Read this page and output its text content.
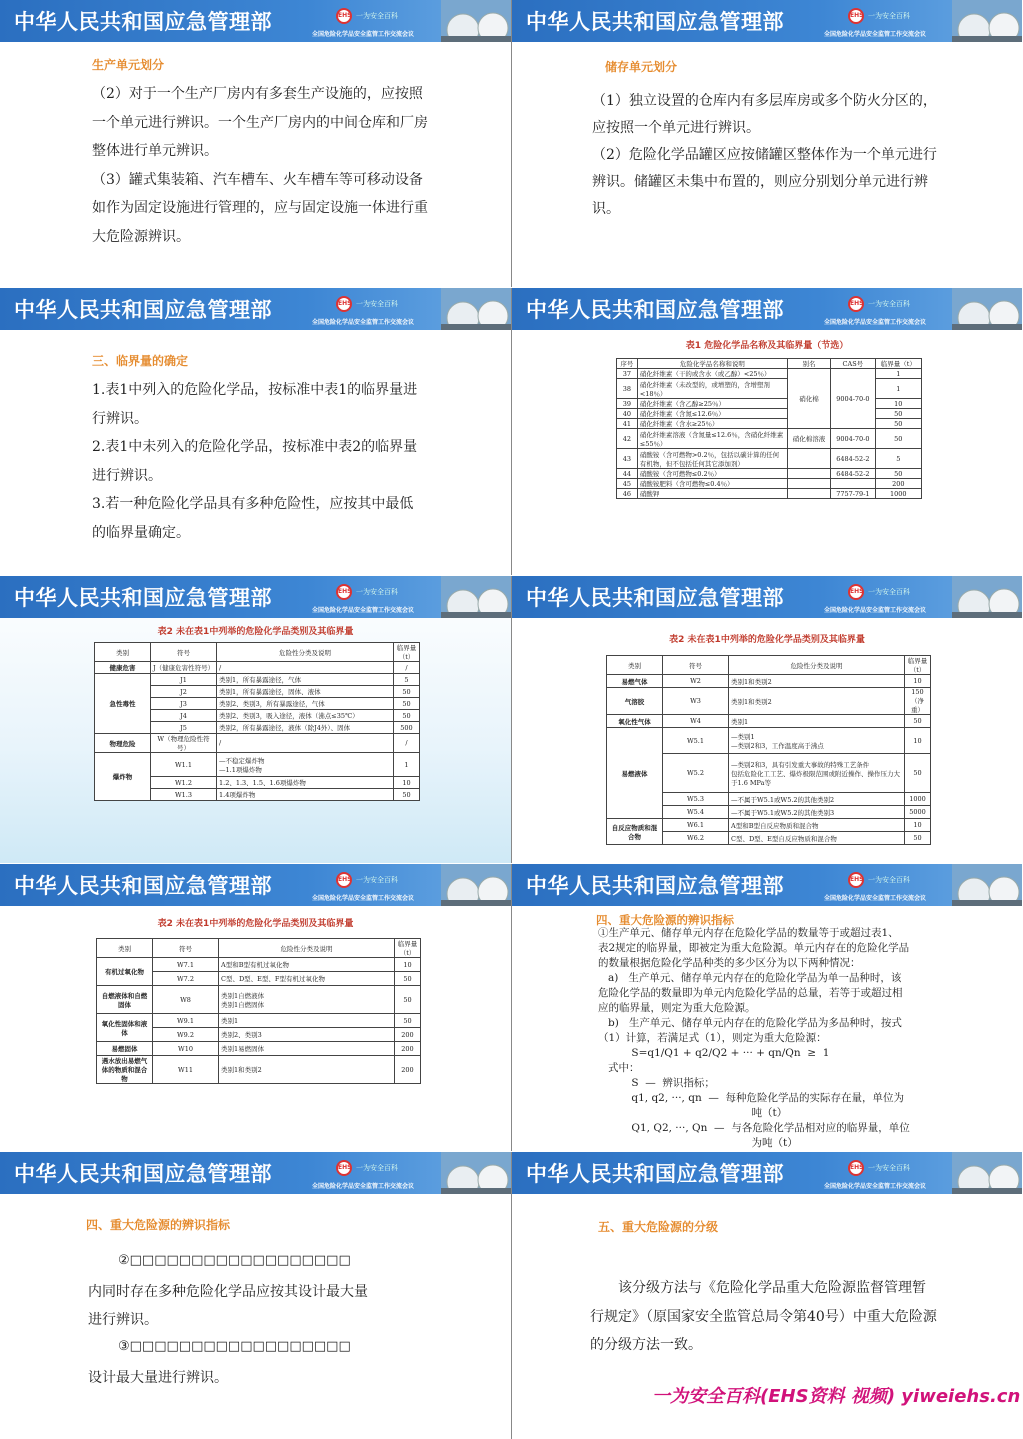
中华人民共和国应急管理部	EHS 一为安全百科
全国危险化学品安全监管工作交流会议
生产单元划分
（2）对于一个生产厂房内有多套生产设施的，应按照一个单元进行辨识。一个生产厂房内的中间仓库和厂房整体进行单元辨识。
（3）罐式集装箱、汽车槽车、火车槽车等可移动设备如作为固定设施进行管理的，应与固定设施一体进行重大危险源辨识。
中华人民共和国应急管理部	EHS 一为安全百科
全国危险化学品安全监管工作交流会议
储存单元划分
（1）独立设置的仓库内有多层库房或多个防火分区的，应按照一个单元进行辨识。
（2）危险化学品罐区应按储罐区整体作为一个单元进行辨识。储罐区未集中布置的，则应分别划分单元进行辨识。
中华人民共和国应急管理部	EHS 一为安全百科
全国危险化学品安全监管工作交流会议
三、临界量的确定
1.表1中列入的危险化学品，按标准中表1的临界量进行辨识。
2.表1中未列入的危险化学品，按标准中表2的临界量进行辨识。
3.若一种危险化学品具有多种危险性，应按其中最低的临界量确定。
中华人民共和国应急管理部	EHS 一为安全百科
全国危险化学品安全监管工作交流会议
表1 危险化学品名称及其临界量（节选）
序号	危险化学品名称和说明	别名	CAS号	临界量（t）
37	硝化纤维素（干的或含水（或乙醇）<25％）	硝化棉	9004-70-0	1
38	硝化纤维素（未改型的，或增塑的，含增塑剂<18％）			1
39	硝化纤维素（含乙醇≥25％）			10
40	硝化纤维素（含氮≤12.6％）			50
41	硝化纤维素（含水≥25％）			50
42	硝化纤维素溶液（含氮量≤12.6％，含硝化纤维素≤55％）	硝化棉溶液	9004-70-0	50
43	硝酸铵（含可燃物>0.2％，包括以碳计算的任何有机物，但不包括任何其它添加剂）		6484-52-2	5
44	硝酸铵（含可燃物≤0.2％）		6484-52-2	50
45	硝酸铵肥料（含可燃物≤0.4％）			200
46	硝酸钾		7757-79-1	1000
中华人民共和国应急管理部	EHS 一为安全百科
全国危险化学品安全监管工作交流会议
表2 未在表1中列举的危险化学品类别及其临界量
类别	符号	危险性分类及说明	临界量（t）
健康危害	J（健康危害性符号）	/	/
急性毒性	J1	类别1，所有暴露途径，气体	5
	J2	类别1，所有暴露途径，固体、液体	50
	J3	类别2、类别3，所有暴露途径，气体	50
	J4	类别2、类别3，吸入途径，液体（沸点≤35℃）	50
	J5	类别2，所有暴露途径，液体（除J4外）、固体	500
物理危险	W（物理危险性符号）	/	/
爆炸物	W1.1	—不稳定爆炸物
—1.1项爆炸物	1
	W1.2	1.2、1.3、1.5、1.6项爆炸物	10
	W1.3	1.4项爆炸物	50
中华人民共和国应急管理部	EHS 一为安全百科
全国危险化学品安全监管工作交流会议
表2 未在表1中列举的危险化学品类别及其临界量
类别	符号	危险性分类及说明	临界量（t）
易燃气体	W2	类别1和类别2	10
气溶胶	W3	类别1和类别2	150（净重）
氧化性气体	W4	类别1	50
易燃液体	W5.1	—类别1
—类别2和3，工作温度高于沸点	10
	W5.2	—类别2和3，具有引发重大事故的特殊工艺条件
包括危险化工工艺、爆炸极限范围或附近操作、操作压力大于1.6 MPa等	50
	W5.3	—不属于W5.1或W5.2的其他类别2	1000
	W5.4	—不属于W5.1或W5.2的其他类别3	5000
自反应物质和混合物	W6.1	A型和B型自反应物质和混合物	10
	W6.2	C型、D型、E型自反应物质和混合物	50
中华人民共和国应急管理部	EHS 一为安全百科
全国危险化学品安全监管工作交流会议
表2 未在表1中列举的危险化学品类别及其临界量
类别	符号	危险性分类及说明	临界量（t）
有机过氧化物	W7.1	A型和B型有机过氧化物	10
	W7.2	C型、D型、E型、F型有机过氧化物	50
自燃液体和自燃固体	W8	类别1自燃液体
类别1自燃固体	50
氧化性固体和液体	W9.1	类别1	50
	W9.2	类别2、类别3	200
易燃固体	W10	类别1易燃固体	200
遇水放出易燃气体的物质和混合物	W11	类别1和类别2	200
中华人民共和国应急管理部	EHS 一为安全百科
全国危险化学品安全监管工作交流会议
四、重大危险源的辨识指标
①生产单元、储存单元内存在危险化学品的数量等于或超过表1、
表2规定的临界量，即被定为重大危险源。单元内存在的危险化学品
的数量根据危险化学品种类的多少区分为以下两种情况：
a)   生产单元、储存单元内存在的危险化学品为单一品种时，该
危险化学品的数量即为单元内危险化学品的总量，若等于或超过相
应的临界量，则定为重大危险源。
b)   生产单元、储存单元内存在的危险化学品为多品种时，按式
（1）计算，若满足式（1），则定为重大危险源：
S=q1/Q1 + q2/Q2 + ··· + qn/Qn  ≥  1
式中：
S  —  辨识指标；
q1, q2, ···, qn  —  每种危险化学品的实际存在量，单位为
吨（t）
Q1, Q2, ···, Qn  —  与各危险化学品相对应的临界量，单位
为吨（t）
中华人民共和国应急管理部	EHS 一为安全百科
全国危险化学品安全监管工作交流会议
四、重大危险源的辨识指标
②□□□□□□□□□□□□□□□□□□
内同时存在多种危险化学品应按其设计最大量
进行辨识。
③□□□□□□□□□□□□□□□□□□
设计最大量进行辨识。
中华人民共和国应急管理部	EHS 一为安全百科
全国危险化学品安全监管工作交流会议
五、重大危险源的分级
该分级方法与《危险化学品重大危险源监督管理暂行规定》（原国家安全监管总局令第40号）中重大危险源的分级方法一致。
一为安全百科(EHS资料 视频) yiweiehs.cn
